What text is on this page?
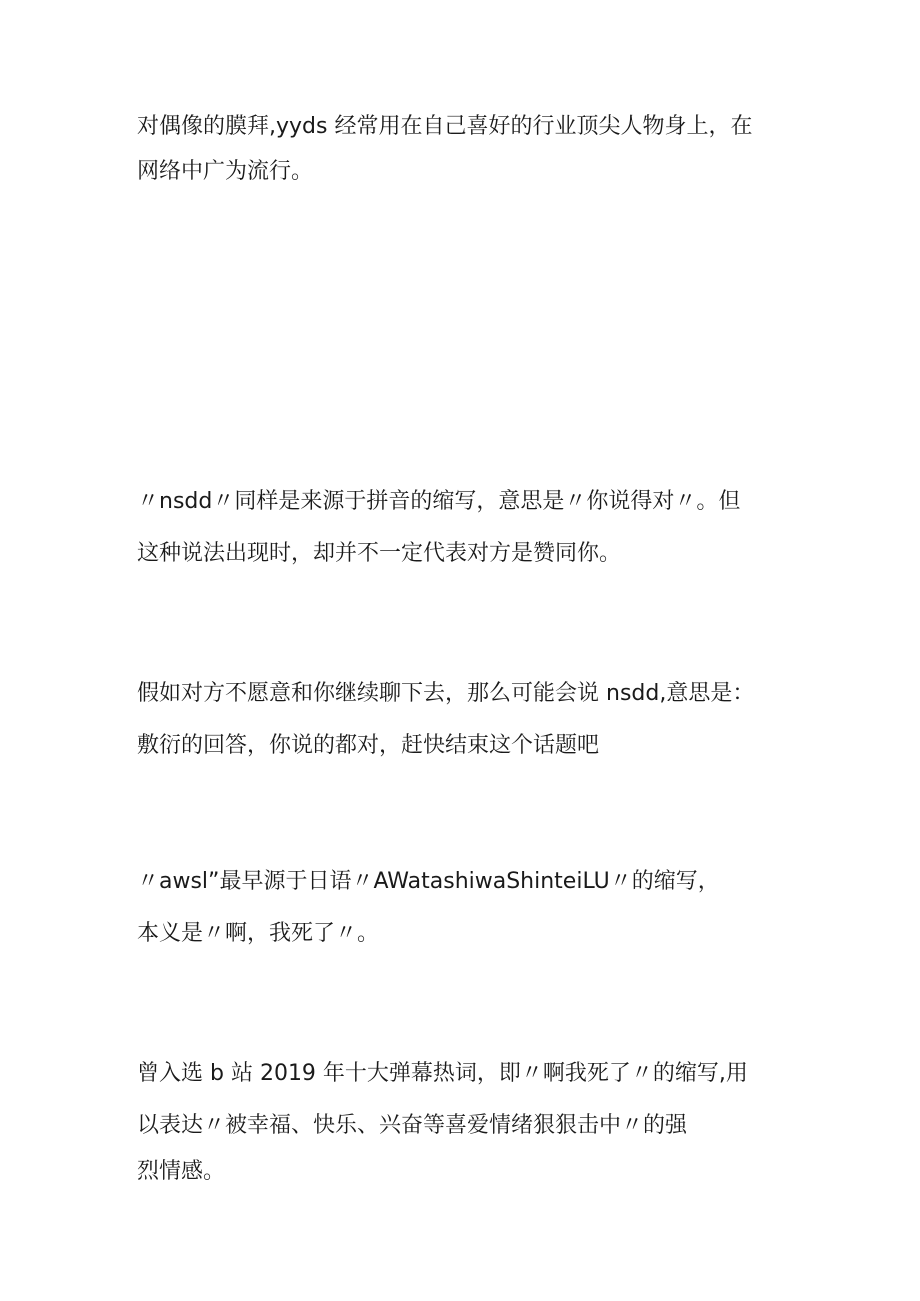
对偶像的膜拜,yyds 经常用在自己喜好的行业顶尖人物身上，在
网络中广为流行。
〃nsdd〃同样是来源于拼音的缩写，意思是〃你说得对〃。但
这种说法出现时，却并不一定代表对方是赞同你。
假如对方不愿意和你继续聊下去，那么可能会说 nsdd,意思是：
敷衍的回答，你说的都对，赶快结束这个话题吧
〃awsl”最早源于日语〃AWatashiwaShinteiLU〃的缩写，
本义是〃啊，我死了〃。
曾入选 b 站 2019 年十大弹幕热词，即〃啊我死了〃的缩写,用
以表达〃被幸福、快乐、兴奋等喜爱情绪狠狠击中〃的强
烈情感。
